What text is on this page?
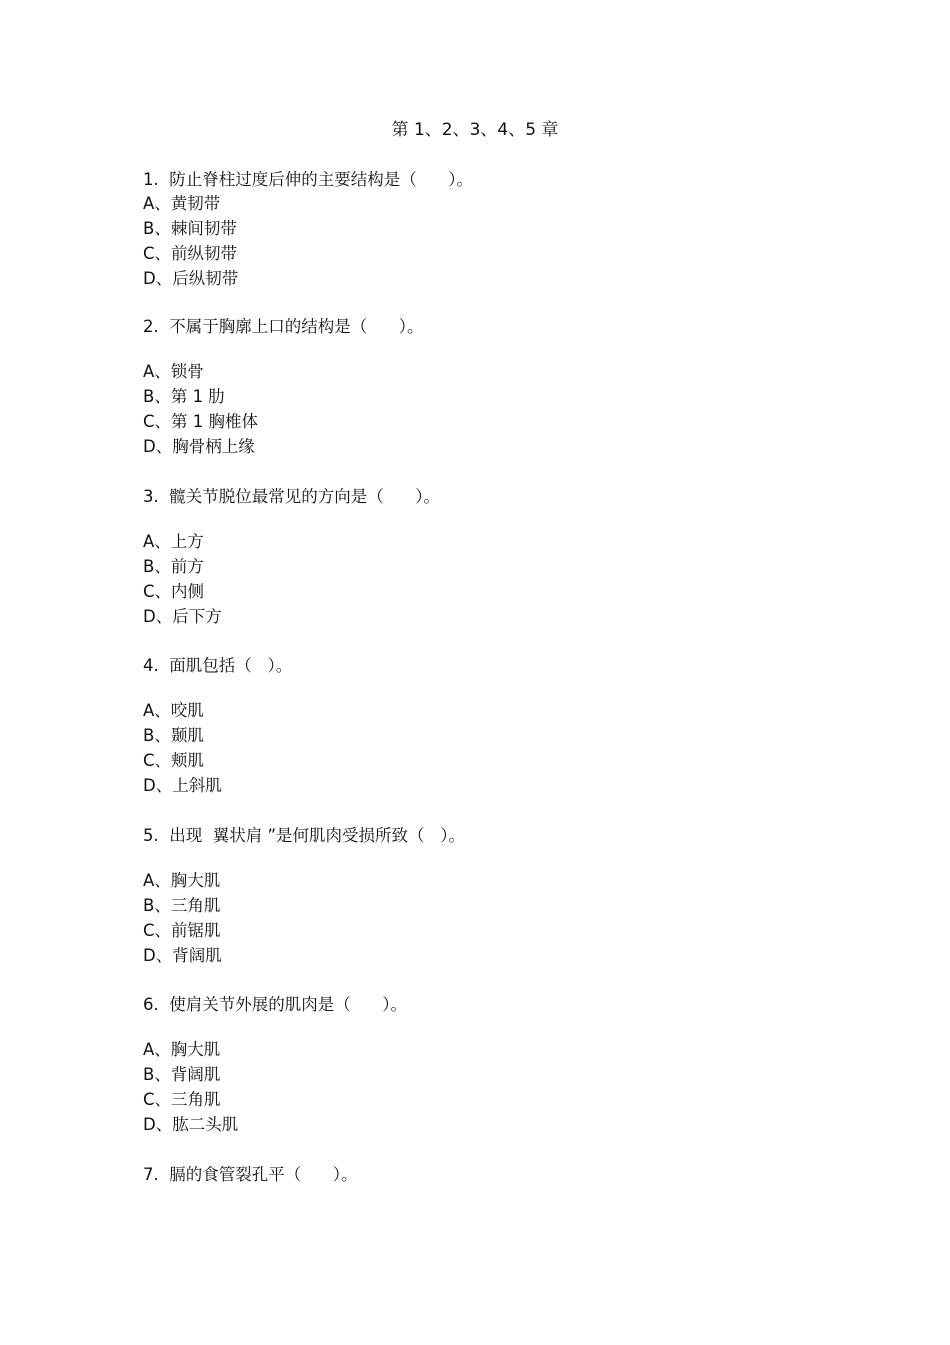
第 1、2、3、4、5 章
1.  防止脊柱过度后伸的主要结构是（      ）。
A、黄韧带
B、棘间韧带
C、前纵韧带
D、后纵韧带
2.  不属于胸廓上口的结构是（      ）。
A、锁骨
B、第 1 肋
C、第 1 胸椎体
D、胸骨柄上缘
3.  髋关节脱位最常见的方向是（      ）。
A、上方
B、前方
C、内侧
D、后下方
4.  面肌包括（   ）。
A、咬肌
B、颞肌
C、颊肌
D、上斜肌
5.  出现  翼状肩 ”是何肌肉受损所致（   ）。
A、胸大肌
B、三角肌
C、前锯肌
D、背阔肌
6.  使肩关节外展的肌肉是（      ）。
A、胸大肌
B、背阔肌
C、三角肌
D、肱二头肌
7.  膈的食管裂孔平（      ）。
